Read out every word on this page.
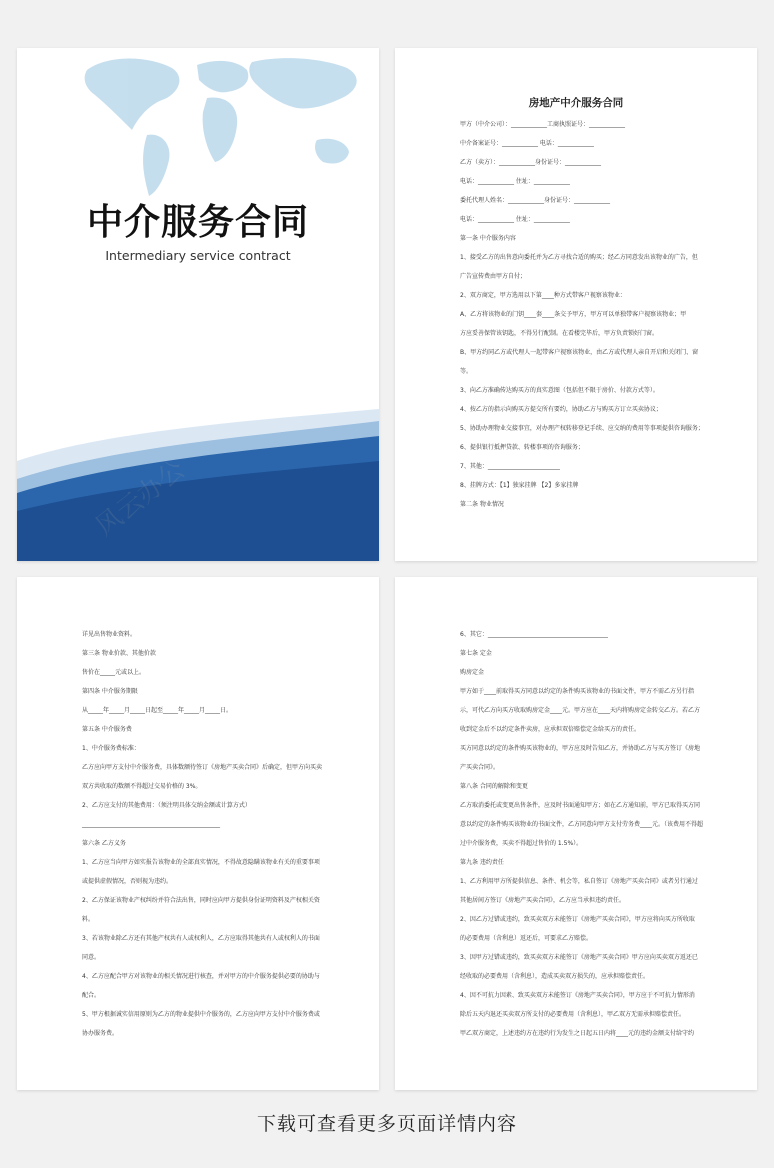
中介服务合同
Intermediary service contract
房地产中介服务合同
甲方（中介公司）：____________工商执照证号：____________
中介备案证号：____________ 电话：____________
乙方（卖方）：____________身份证号：____________
电话：____________ 住址：____________
委托代理人姓名：____________身份证号：____________
电话：____________ 住址：____________
第一条 中介服务内容
1、接受乙方的出售意向委托并为乙方寻找合适的购买；经乙方同意发出该物业的广告，但
广告宣传费由甲方自付；
2、双方商定，甲方选用以下第____种方式带客户视察该物业：
A、乙方将该物业的门钥____套____条交予甲方，甲方可以单独带客户视察该物业；甲
方应妥善保管该钥匙，不得另行配制。在看楼完毕后，甲方负责锁好门窗。
B、甲方约同乙方或代理人一起带客户视察该物业，由乙方或代理人亲自开启和关闭门、窗
等。
3、向乙方准确传达购买方的真实意图（包括但不限于房价、付款方式等）。
4、按乙方的指示向购买方提交所有要约，协助乙方与购买方订立买卖协议；
5、协助办理物业交接事宜，对办理产权转移登记手续、应交纳的费用等事项提供咨询服务；
6、提供银行抵押贷款、转楼事项的咨询服务；
7、其他：________________________
8、挂牌方式：【1】独家挂牌 【2】多家挂牌
第二条 物业情况
详见出售物业资料。
第三条 物业价款、其他价款
售价在_____元或以上。
第四条 中介服务期限
从_____年_____月_____日起至_____年_____月_____日。
第五条 中介服务费
1、中介服务费标准：
乙方应向甲方支付中介服务费，具体数额待签订《房地产买卖合同》后确定，但甲方向买卖
双方共收取的数额不得超过交易价格的 3%。
2、乙方应支付的其他费用：（须注明具体交纳金额或计算方式）
______________________________________________
第六条 乙方义务
1、乙方应当向甲方如实报告该物业的全部真实情况，不得故意隐瞒该物业有关的重要事项
或提供虚假情况，否则视为违约。
2、乙方保证该物业产权纠纷并符合法出售，同时应向甲方提供身份证明资料及产权相关资
料。
3、若该物业除乙方还有其他产权共有人或权利人，乙方应取得其他共有人或权利人的书面
同意。
4、乙方应配合甲方对该物业的相关情况进行核查，并对甲方的中介服务提供必要的协助与
配合。
5、甲方根据诚实信用原则为乙方的物业提供中介服务的，乙方应向甲方支付中介服务费或
协办服务费。
6、其它：________________________________________
第七条 定金
购房定金
甲方如于____前取得买方同意以约定的条件购买该物业的书面文件，甲方不需乙方另行指
示，可代乙方向买方收取购房定金____元。甲方应在____天内将购房定金转交乙方。若乙方
收到定金后不以约定条件卖房，应承担双倍赔偿定金给买方的责任。
买方同意以约定的条件购买该物业的，甲方应及时告知乙方，并协助乙方与买方签订《房地
产买卖合同》。
第八条 合同的解除和变更
乙方取消委托或变更出售条件，应及时书面通知甲方；如在乙方通知前，甲方已取得买方同
意以约定的条件购买该物业的书面文件，乙方同意向甲方支付劳务费____元。（该费用不得超
过中介服务费，买卖不得超过售价的 1.5%）。
第九条 违约责任
1、乙方利用甲方所提供信息、条件、机会等，私自签订《房地产买卖合同》或者另行通过
其他居间方签订《房地产买卖合同》，乙方应当承担违约责任。
2、因乙方过错或违约，致买卖双方未能签订《房地产买卖合同》，甲方应将向买方所收取
的必要费用（含利息）返还后，可要求乙方赔偿。
3、因甲方过错或违约，致买卖双方未能签订《房地产买卖合同》甲方应向买卖双方返还已
经收取的必要费用（含利息），造成买卖双方损失的，应承担赔偿责任。
4、因不可抗力因素、致买卖双方未能签订《房地产买卖合同》，甲方应于不可抗力情形消
除后五天内退还买卖双方所支付的必要费用（含利息），甲乙双方无需承担赔偿责任。
甲乙双方商定，上述违约方在违约行为发生之日起五日内将____元的违约金额支付给守约
下载可查看更多页面详情内容
